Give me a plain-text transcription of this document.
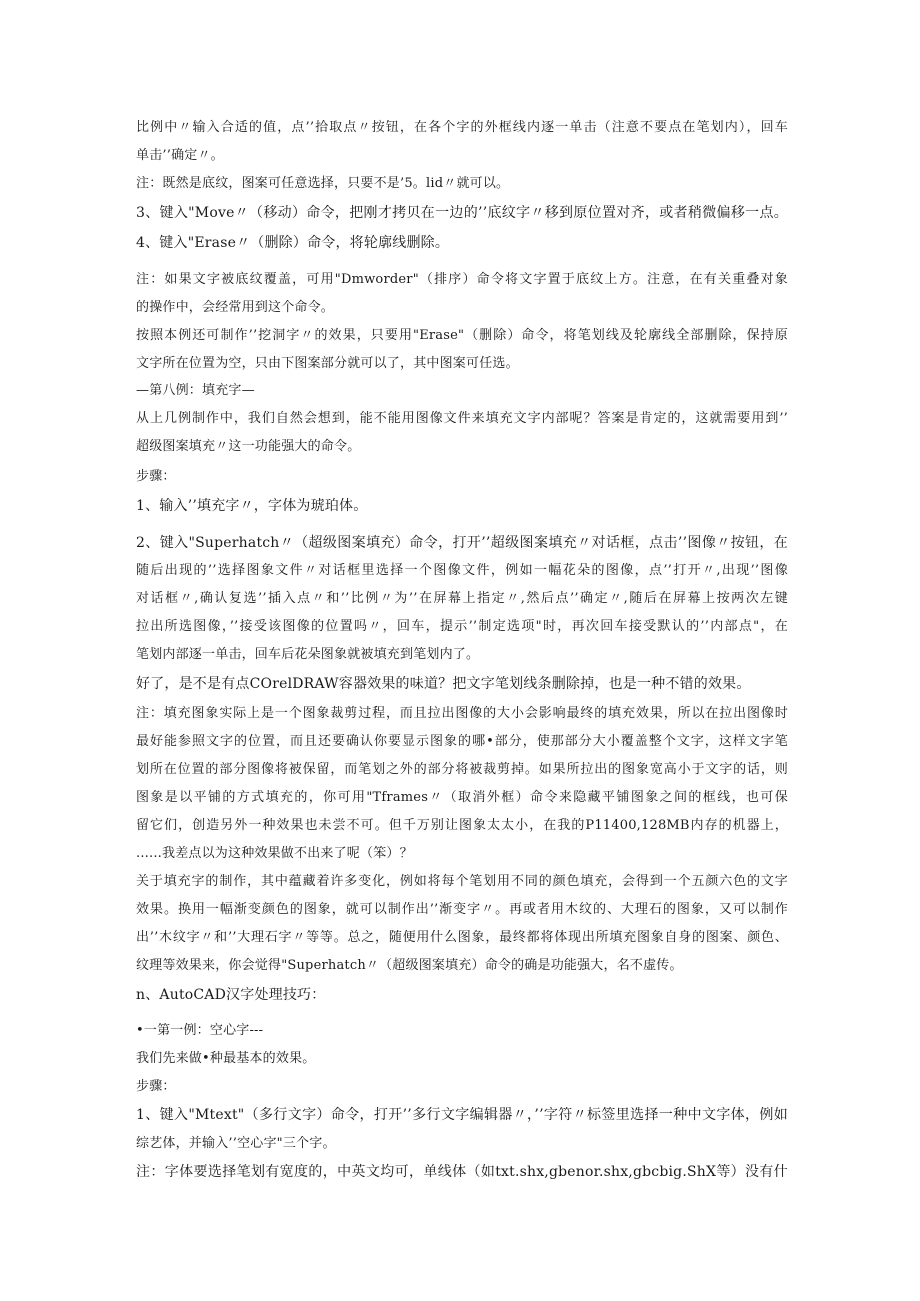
比例中〃输入合适的值，点’’拾取点〃按钮，在各个字的外框线内逐一单击（注意不要点在笔划内），回车
单击’’确定〃。
注：既然是底纹，图案可任意选择，只要不是’5。lid〃就可以。
3、键入"Move〃（移动）命令，把刚才拷贝在一边的’’底纹字〃移到原位置对齐，或者稍微偏移一点。
4、键入"Erase〃（删除）命令，将轮廓线删除。
注：如果文字被底纹覆盖，可用"Dmworder"（排序）命令将文字置于底纹上方。注意，在有关重叠对象
的操作中，会经常用到这个命令。
按照本例还可制作’’挖洞字〃的效果，只要用"Erase"（删除）命令，将笔划线及轮廓线全部删除，保持原
文字所在位置为空，只由下图案部分就可以了，其中图案可任选。
—第八例：填充字—
从上几例制作中，我们自然会想到，能不能用图像文件来填充文字内部呢？答案是肯定的，这就需要用到’’
超级图案填充〃这一功能强大的命令。
步骤：
1、输入’’填充字〃，字体为琥珀体。
2、键入"Superhatch〃（超级图案填充）命令，打开’’超级图案填充〃对话框，点击’’图像〃按钮，在
随后出现的’’选择图象文件〃对话框里选择一个图像文件，例如一幅花朵的图像，点’’打开〃,出现’’图像
对话框〃,确认复选’’插入点〃和’’比例〃为’’在屏幕上指定〃,然后点’’确定〃,随后在屏幕上按两次左键
拉出所选图像，’’接受该图像的位置吗〃，回车，提示’’制定选项"时，再次回车接受默认的’’内部点"，在
笔划内部逐一单击，回车后花朵图象就被填充到笔划内了。
好了，是不是有点COrelDRAW容器效果的味道？把文字笔划线条删除掉，也是一种不错的效果。
注：填充图象实际上是一个图象裁剪过程，而且拉出图像的大小会影响最终的填充效果，所以在拉出图像时
最好能参照文字的位置，而且还要确认你要显示图象的哪•部分，使那部分大小覆盖整个文字，这样文字笔
划所在位置的部分图像将被保留，而笔划之外的部分将被裁剪掉。如果所拉出的图象宽高小于文字的话，则
图象是以平铺的方式填充的，你可用"Tframes〃（取消外框）命令来隐藏平铺图象之间的框线，也可保
留它们，创造另外一种效果也未尝不可。但千万别让图象太太小，在我的P11400,128MB内存的机器上，
......我差点以为这种效果做不出来了呢（笨）？
关于填充字的制作，其中蕴藏着许多变化，例如将每个笔划用不同的颜色填充，会得到一个五颜六色的文字
效果。换用一幅渐变颜色的图象，就可以制作出’’渐变字〃。再或者用木纹的、大理石的图象，又可以制作
出’’木纹字〃和’’大理石字〃等等。总之，随便用什么图象，最终都将体现出所填充图象自身的图案、颜色、
纹理等效果来，你会觉得"Superhatch〃（超级图案填充）命令的确是功能强大，名不虚传。
n、AutoCAD汉字处理技巧：
•一第一例：空心字---
我们先来做•种最基本的效果。
步骤：
1、键入"Mtext"（多行文字）命令，打开’’多行文字编辑器〃，’’字符〃标签里选择一种中文字体，例如
综艺体，并输入’’空心字"三个字。
注：字体要选择笔划有宽度的，中英文均可，单线体（如txt.shx,gbenor.shx,gbcbig.ShX等）没有什
